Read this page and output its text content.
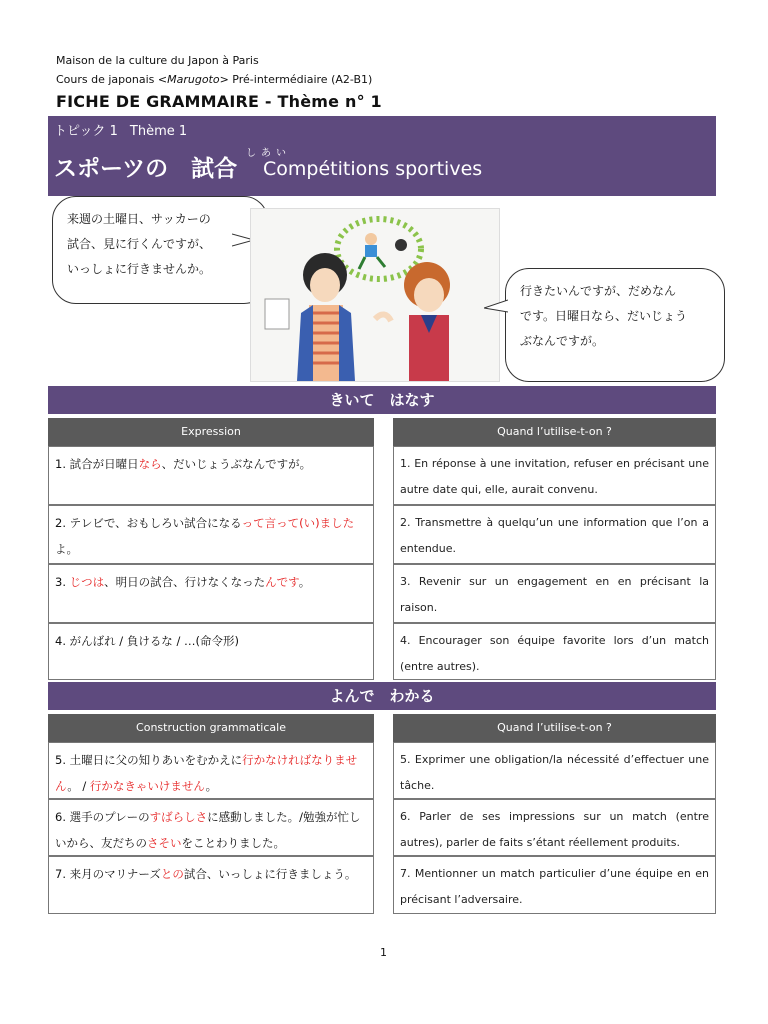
Maison de la culture du Japon à Paris
Cours de japonais <Marugoto> Pré-intermédiaire (A2-B1)
FICHE DE GRAMMAIRE - Thème n° 1
トピック 1 Thème 1
しあい
スポーツの　試合 Compétitions sportives
来週の土曜日、サッカーの
試合、見に行くんですが、
いっしょに行きませんか。
行きたいんですが、だめなん
です。日曜日なら、だいじょう
ぶなんですが。
きいて　はなす
Expression	Quand l’utilise-t-on ?
1. 試合が日曜日なら、だいじょうぶなんですが。
2. テレビで、おもしろい試合になるって言って(い)ましたよ。
3. じつは、明日の試合、行けなくなったんです。
4. がんばれ / 負けるな / …(命令形)
1. En réponse à une invitation, refuser en précisant une autre date qui, elle, aurait convenu.
2. Transmettre à quelqu’un une information que l’on a entendue.
3. Revenir sur un engagement en en précisant la raison.
4. Encourager son équipe favorite lors d’un match (entre autres).
よんで　わかる
Construction grammaticale	Quand l’utilise-t-on ?
5. 土曜日に父の知りあいをむかえに行かなければなりません。 / 行かなきゃいけません。
6. 選手のプレーのすばらしさに感動しました。/勉強が忙しいから、友だちのさそいをことわりました。
7. 来月のマリナーズとの試合、いっしょに行きましょう。
5. Exprimer une obligation/la nécessité d’effectuer une tâche.
6. Parler de ses impressions sur un match (entre autres), parler de faits s’étant réellement produits.
7. Mentionner un match particulier d’une équipe en en précisant l’adversaire.
1
